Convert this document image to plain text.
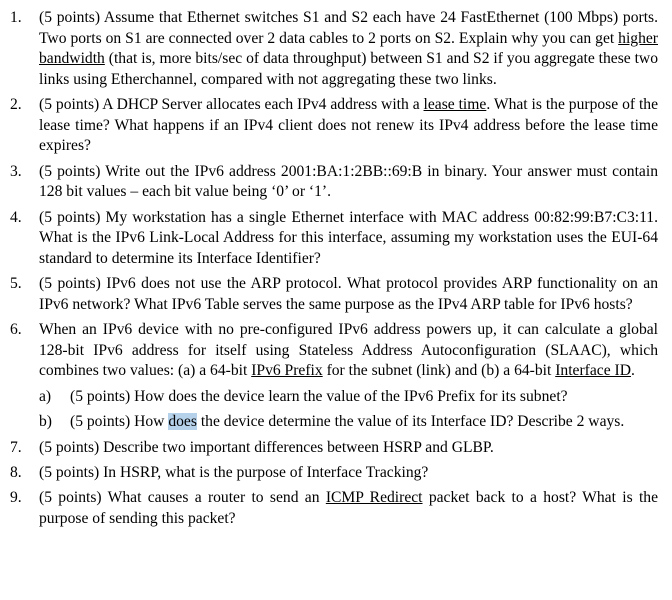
1. (5 points) Assume that Ethernet switches S1 and S2 each have 24 FastEthernet (100 Mbps) ports. Two ports on S1 are connected over 2 data cables to 2 ports on S2. Explain why you can get higher bandwidth (that is, more bits/sec of data throughput) between S1 and S2 if you aggregate these two links using Etherchannel, compared with not aggregating these two links.
2. (5 points) A DHCP Server allocates each IPv4 address with a lease time. What is the purpose of the lease time? What happens if an IPv4 client does not renew its IPv4 address before the lease time expires?
3. (5 points) Write out the IPv6 address 2001:BA:1:2BB::69:B in binary. Your answer must contain 128 bit values – each bit value being ‘0’ or ‘1’.
4. (5 points) My workstation has a single Ethernet interface with MAC address 00:82:99:B7:C3:11. What is the IPv6 Link-Local Address for this interface, assuming my workstation uses the EUI-64 standard to determine its Interface Identifier?
5. (5 points) IPv6 does not use the ARP protocol. What protocol provides ARP functionality on an IPv6 network? What IPv6 Table serves the same purpose as the IPv4 ARP table for IPv6 hosts?
6. When an IPv6 device with no pre-configured IPv6 address powers up, it can calculate a global 128-bit IPv6 address for itself using Stateless Address Autoconfiguration (SLAAC), which combines two values: (a) a 64-bit IPv6 Prefix for the subnet (link) and (b) a 64-bit Interface ID.
a) (5 points) How does the device learn the value of the IPv6 Prefix for its subnet?
b) (5 points) How does the device determine the value of its Interface ID? Describe 2 ways.
7. (5 points) Describe two important differences between HSRP and GLBP.
8. (5 points) In HSRP, what is the purpose of Interface Tracking?
9. (5 points) What causes a router to send an ICMP Redirect packet back to a host? What is the purpose of sending this packet?
